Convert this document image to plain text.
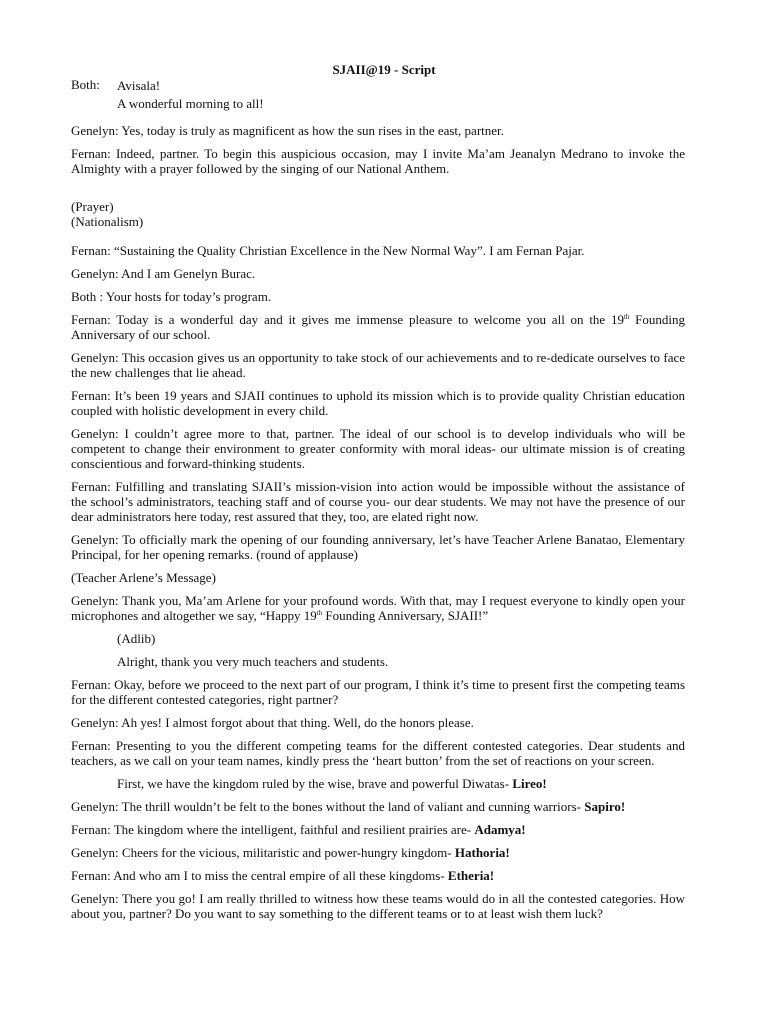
SJAII@19 - Script
Both:	Avisala!
A wonderful morning to all!

Genelyn: Yes, today is truly as magnificent as how the sun rises in the east, partner.

Fernan: Indeed, partner. To begin this auspicious occasion, may I invite Ma’am Jeanalyn Medrano to invoke the Almighty with a prayer followed by the singing of our National Anthem.

(Prayer)

(Nationalism)

Fernan: “Sustaining the Quality Christian Excellence in the New Normal Way”. I am Fernan Pajar.

Genelyn: And I am Genelyn Burac.

Both : Your hosts for today’s program.

Fernan: Today is a wonderful day and it gives me immense pleasure to welcome you all on the 19th Founding Anniversary of our school.

Genelyn: This occasion gives us an opportunity to take stock of our achievements and to re-dedicate ourselves to face the new challenges that lie ahead.

Fernan: It’s been 19 years and SJAII continues to uphold its mission which is to provide quality Christian education coupled with holistic development in every child.

Genelyn: I couldn’t agree more to that, partner. The ideal of our school is to develop individuals who will be competent to change their environment to greater conformity with moral ideas- our ultimate mission is of creating conscientious and forward-thinking students.

Fernan: Fulfilling and translating SJAII’s mission-vision into action would be impossible without the assistance of the school’s administrators, teaching staff and of course you- our dear students. We may not have the presence of our dear administrators here today, rest assured that they, too, are elated right now.

Genelyn: To officially mark the opening of our founding anniversary, let’s have Teacher Arlene Banatao, Elementary Principal, for her opening remarks. (round of applause)

(Teacher Arlene’s Message)

Genelyn: Thank you, Ma’am Arlene for your profound words. With that, may I request everyone to kindly open your microphones and altogether we say, “Happy 19th Founding Anniversary, SJAII!”

(Adlib)

Alright, thank you very much teachers and students.

Fernan: Okay, before we proceed to the next part of our program, I think it’s time to present first the competing teams for the different contested categories, right partner?

Genelyn: Ah yes! I almost forgot about that thing. Well, do the honors please.

Fernan: Presenting to you the different competing teams for the different contested categories. Dear students and teachers, as we call on your team names, kindly press the ‘heart button’ from the set of reactions on your screen.

First, we have the kingdom ruled by the wise, brave and powerful Diwatas- Lireo!

Genelyn: The thrill wouldn’t be felt to the bones without the land of valiant and cunning warriors- Sapiro!

Fernan: The kingdom where the intelligent, faithful and resilient prairies are- Adamya!

Genelyn: Cheers for the vicious, militaristic and power-hungry kingdom- Hathoria!

Fernan: And who am I to miss the central empire of all these kingdoms- Etheria!

Genelyn: There you go! I am really thrilled to witness how these teams would do in all the contested categories. How about you, partner? Do you want to say something to the different teams or to at least wish them luck?
